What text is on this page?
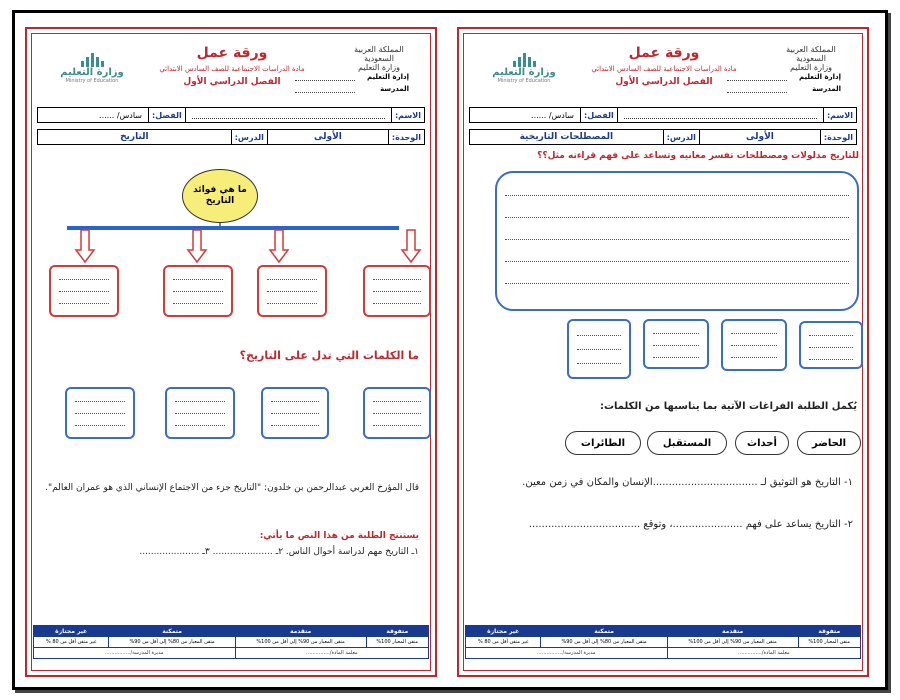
المملكة العربية السعودية
وزارة التعليم
إدارة التعليم
المدرسة
ورقة عمل
مادة الدراسات الاجتماعية للصف السادس الابتدائي
الفصل الدراسي الأول
وزارة التعليم
Ministry of Education
الاسم:
الفصل:
سادس/ ......
الوحدة:
الأولى
الدرس:
المصطلحات التاريخية
للتاريخ مدلولات ومصطلحات تفسر معانيه وتساعد على فهم قراءته مثل؟؟
يُكمل الطلبة الفراغات الآتية بما يناسبها من الكلمات:
الحاضر
أحداث
المستقبل
الطائرات
١- التاريخ هو التوثيق لـ .................................الإنسان والمكان في زمن معين.
٢- التاريخ يساعد على فهم ......................، وتوقع ...................................
متفوقة	متقدمة	متمكنة	غير مجتازة
متقن المعيار 100%	متقن المعيار من 90% إلى أقل من 100%	متقن المعيار من 80% إلى أقل من 90%	غير متقن أقل من 80 %
معلمة المادة/...............		مديرة المدرسة/................	
المملكة العربية السعودية
وزارة التعليم
إدارة التعليم
المدرسة
ورقة عمل
مادة الدراسات الاجتماعية للصف السادس الابتدائي
الفصل الدراسي الأول
وزارة التعليم
Ministry of Education
الاسم:
الفصل:
سادس/ ......
الوحدة:
الأولى
الدرس:
التاريخ
ما هي فوائد التاريخ
ما الكلمات التي تدل على التاريخ؟
قال المؤرخ العربي عبدالرحمن بن خلدون: "التاريخ جزء من الاجتماع الإنساني الذي هو عمران العالم".
يستنتج الطلبة من هذا النص ما يأتي:
١ـ التاريخ مهم لدراسة أحوال الناس. ٢ـ ..................... ٣ـ .....................
متفوقة	متقدمة	متمكنة	غير مجتازة
متقن المعيار 100%	متقن المعيار من 90% إلى أقل من 100%	متقن المعيار من 80% إلى أقل من 90%	غير متقن أقل من 80 %
معلمة المادة/...............		مديرة المدرسة/................	
